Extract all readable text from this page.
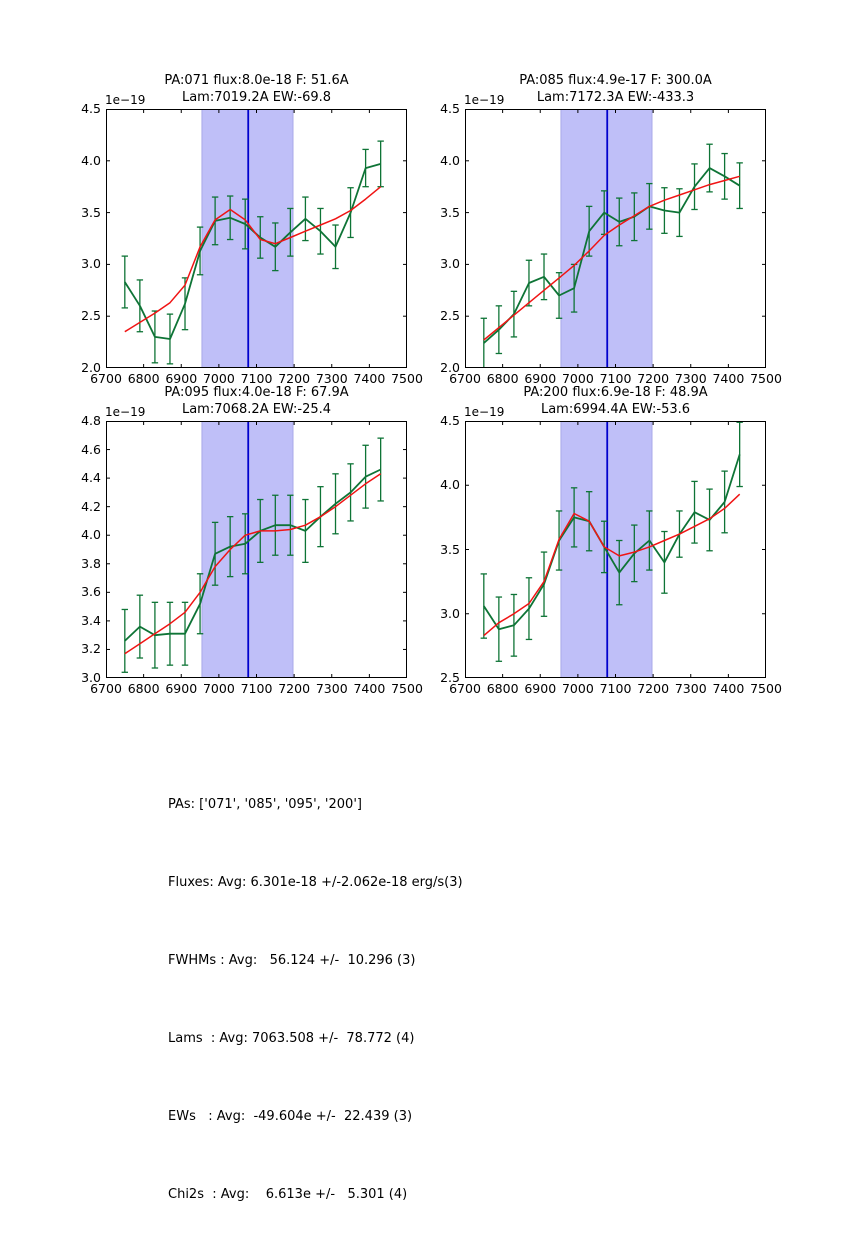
PA:071 flux:8.0e-18 F: 51.6A
Lam:7019.2A EW:-69.8
1e−19
6700 6800 6900 7000 7100 7200 7300 7400 7500
2.0
2.5
3.0
3.5
4.0
4.5
PA:085 flux:4.9e-17 F: 300.0A
Lam:7172.3A EW:-433.3
1e−19
6700 6800 6900 7000 7100 7200 7300 7400 7500
2.0
2.5
3.0
3.5
4.0
4.5
PA:095 flux:4.0e-18 F: 67.9A
Lam:7068.2A EW:-25.4
1e−19
6700 6800 6900 7000 7100 7200 7300 7400 7500
3.0
3.2
3.4
3.6
3.8
4.0
4.2
4.4
4.6
4.8
PA:200 flux:6.9e-18 F: 48.9A
Lam:6994.4A EW:-53.6
1e−19
6700 6800 6900 7000 7100 7200 7300 7400 7500
2.5
3.0
3.5
4.0
4.5

PAs: ['071', '085', '095', '200']

Fluxes: Avg: 6.301e-18 +/-2.062e-18 erg/s(3)

FWHMs : Avg:   56.124 +/-  10.296 (3)

Lams  : Avg: 7063.508 +/-  78.772 (4)

EWs   : Avg:  -49.604e +/-  22.439 (3)

Chi2s  : Avg:    6.613e +/-   5.301 (4)
